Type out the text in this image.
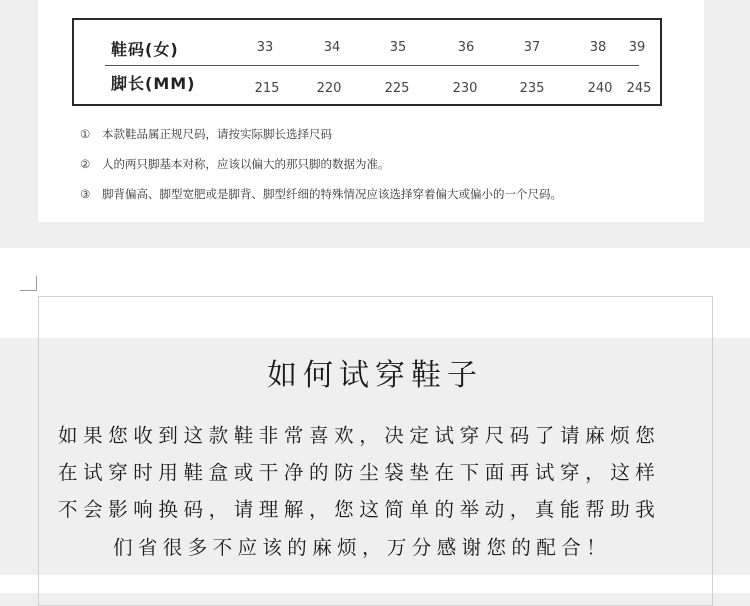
鞋码(女)	33	34	35	36	37	38	39
脚长(MM)	215	220	225	230	235	240	245
① 本款鞋品属正规尺码，请按实际脚长选择尺码
② 人的两只脚基本对称，应该以偏大的那只脚的数据为准。
③ 脚背偏高、脚型宽肥或是脚背、脚型纤细的特殊情况应该选择穿着偏大或偏小的一个尺码。
如何试穿鞋子
如果您收到这款鞋非常喜欢，决定试穿尺码了请麻烦您
在试穿时用鞋盒或干净的防尘袋垫在下面再试穿，这样
不会影响换码，请理解，您这简单的举动，真能帮助我
们省很多不应该的麻烦，万分感谢您的配合！
